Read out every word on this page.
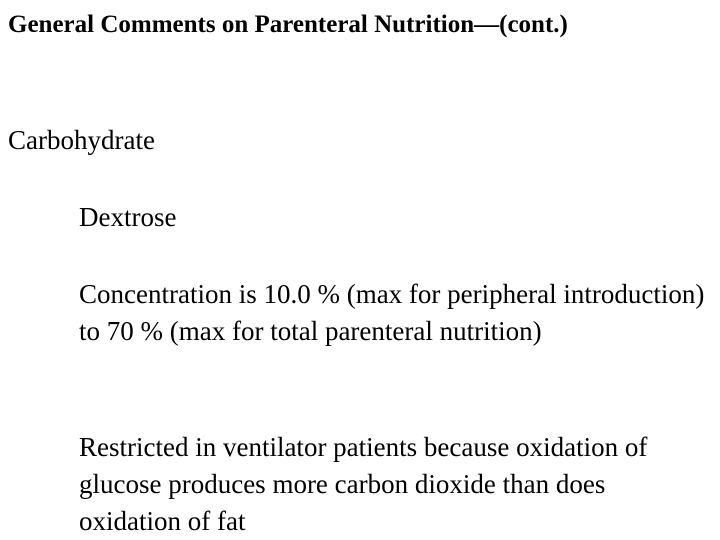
General Comments on Parenteral Nutrition—(cont.)

Carbohydrate

Dextrose

Concentration is 10.0 % (max for peripheral introduction) to 70 % (max for total parenteral nutrition)

Restricted in ventilator patients because oxidation of glucose produces more carbon dioxide than does oxidation of fat
